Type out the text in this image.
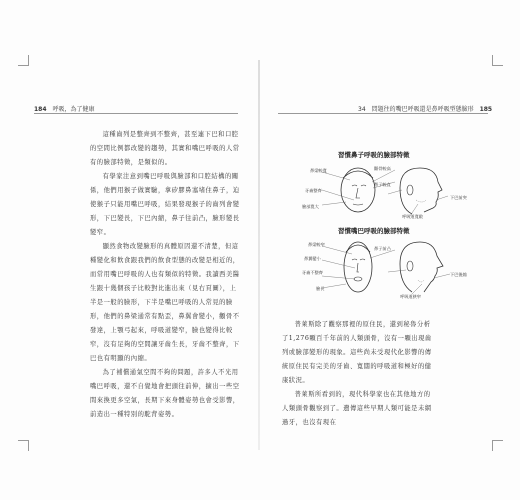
184 呼吸，為了健康

這種齒列是整齊到不整齊，甚至連下巴和口腔的空間比例都改變的趨勢，其實和嘴巴呼吸的人常有的臉部特徵，是類似的。

有學家注意到嘴巴呼吸與臉部和口腔結構的關係，他們用猴子做實驗，拿矽膠鼻塞堵住鼻子，迫使猴子只能用嘴巴呼吸，結果發現猴子的齒列會變形，下巴變長，下巴內縮，鼻子往前凸，臉形變長變窄。

顯然食物改變臉形的真體原因還不清楚，但這種變化和飲食跟我們的飲食型態的改變是相近的，而常用嘴巴呼吸的人也有類似的特徵。我讀西美醫生跟十幾個孩子比較對比進出來（見右頁圖），上半是一般的臉形，下半是嘴巴呼吸的人常見的臉形，他們的鼻梁通常有點歪，鼻翼會變小，顴骨不發達，上顎弓起來，呼吸道變窄，臉也變得比較窄，沒有足夠的空間讓牙齒生長，牙齒不整齊，下巴也有明顯的內縮。

為了補償通氣空間不夠的問題，許多人不光用嘴巴呼吸，還不自覺地會把頭往前伸，擴出一些空間來換更多空氣，長期下來身體姿勢也會受影響，前造出一種特別的駝背姿勢。

34　問題往的嘴巴呼吸還是鼻呼吸型態臉形 185
習慣鼻子呼吸的臉部特徵
鼻梁較寬	顴骨較高
牙齒整齊
臉部寬大
鼻子較直
下巴前突
呼吸道寬敞
習慣嘴巴呼吸的臉部特徵
鼻梁較窄
鼻翼變小
牙齒不整齊
臉長
呼吸道狹窄
下巴後縮
鼻子前凸

普萊斯除了觀察那裡的原住民，還到秘魯分析了1,276顆百千年前的人類頭骨，沒有一顆出現齒列或臉部變形的現象。這些尚未受現代化影響的傳統原住民有完美的牙齒、寬闊的呼吸道和極好的健康狀況。

普萊斯所看到的，現代科學家也在其他地方的人類頭骨觀察到了。遺傳這些早期人類可能是未網過牙，也沒有現在
